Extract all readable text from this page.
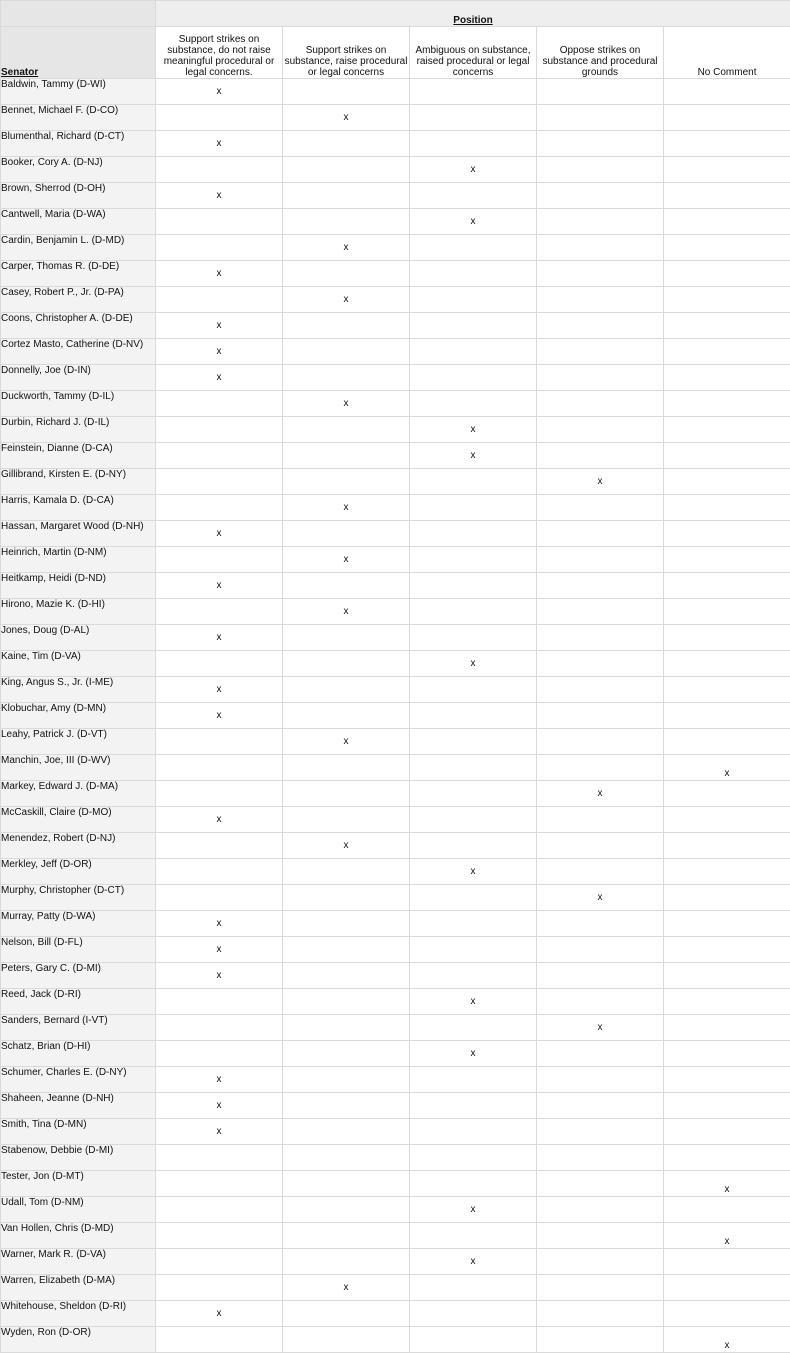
	Position				
Senator	Support strikes on substance, do not raise meaningful procedural or legal concerns.	Support strikes on substance, raise procedural or legal concerns	Ambiguous on substance, raised procedural or legal concerns	Oppose strikes on substance and procedural grounds	No Comment
Baldwin, Tammy (D-WI)	x				
Bennet, Michael F. (D-CO)		x			
Blumenthal, Richard (D-CT)	x				
Booker, Cory A. (D-NJ)			x		
Brown, Sherrod (D-OH)	x				
Cantwell, Maria (D-WA)			x		
Cardin, Benjamin L. (D-MD)		x			
Carper, Thomas R. (D-DE)	x				
Casey, Robert P., Jr. (D-PA)		x			
Coons, Christopher A. (D-DE)	x				
Cortez Masto, Catherine (D-NV)	x				
Donnelly, Joe (D-IN)	x				
Duckworth, Tammy (D-IL)		x			
Durbin, Richard J. (D-IL)			x		
Feinstein, Dianne (D-CA)			x		
Gillibrand, Kirsten E. (D-NY)				x	
Harris, Kamala D. (D-CA)		x			
Hassan, Margaret Wood (D-NH)	x				
Heinrich, Martin (D-NM)		x			
Heitkamp, Heidi (D-ND)	x				
Hirono, Mazie K. (D-HI)		x			
Jones, Doug (D-AL)	x				
Kaine, Tim (D-VA)			x		
King, Angus S., Jr. (I-ME)	x				
Klobuchar, Amy (D-MN)	x				
Leahy, Patrick J. (D-VT)		x			
Manchin, Joe, III (D-WV)					x
Markey, Edward J. (D-MA)				x	
McCaskill, Claire (D-MO)	x				
Menendez, Robert (D-NJ)		x			
Merkley, Jeff (D-OR)			x		
Murphy, Christopher (D-CT)				x	
Murray, Patty (D-WA)	x				
Nelson, Bill (D-FL)	x				
Peters, Gary C. (D-MI)	x				
Reed, Jack (D-RI)			x		
Sanders, Bernard (I-VT)				x	
Schatz, Brian (D-HI)			x		
Schumer, Charles E. (D-NY)	x				
Shaheen, Jeanne (D-NH)	x				
Smith, Tina (D-MN)	x				
Stabenow, Debbie (D-MI)					
Tester, Jon (D-MT)					x
Udall, Tom (D-NM)			x		
Van Hollen, Chris (D-MD)					x
Warner, Mark R. (D-VA)			x		
Warren, Elizabeth (D-MA)		x			
Whitehouse, Sheldon (D-RI)	x				
Wyden, Ron (D-OR)					x
